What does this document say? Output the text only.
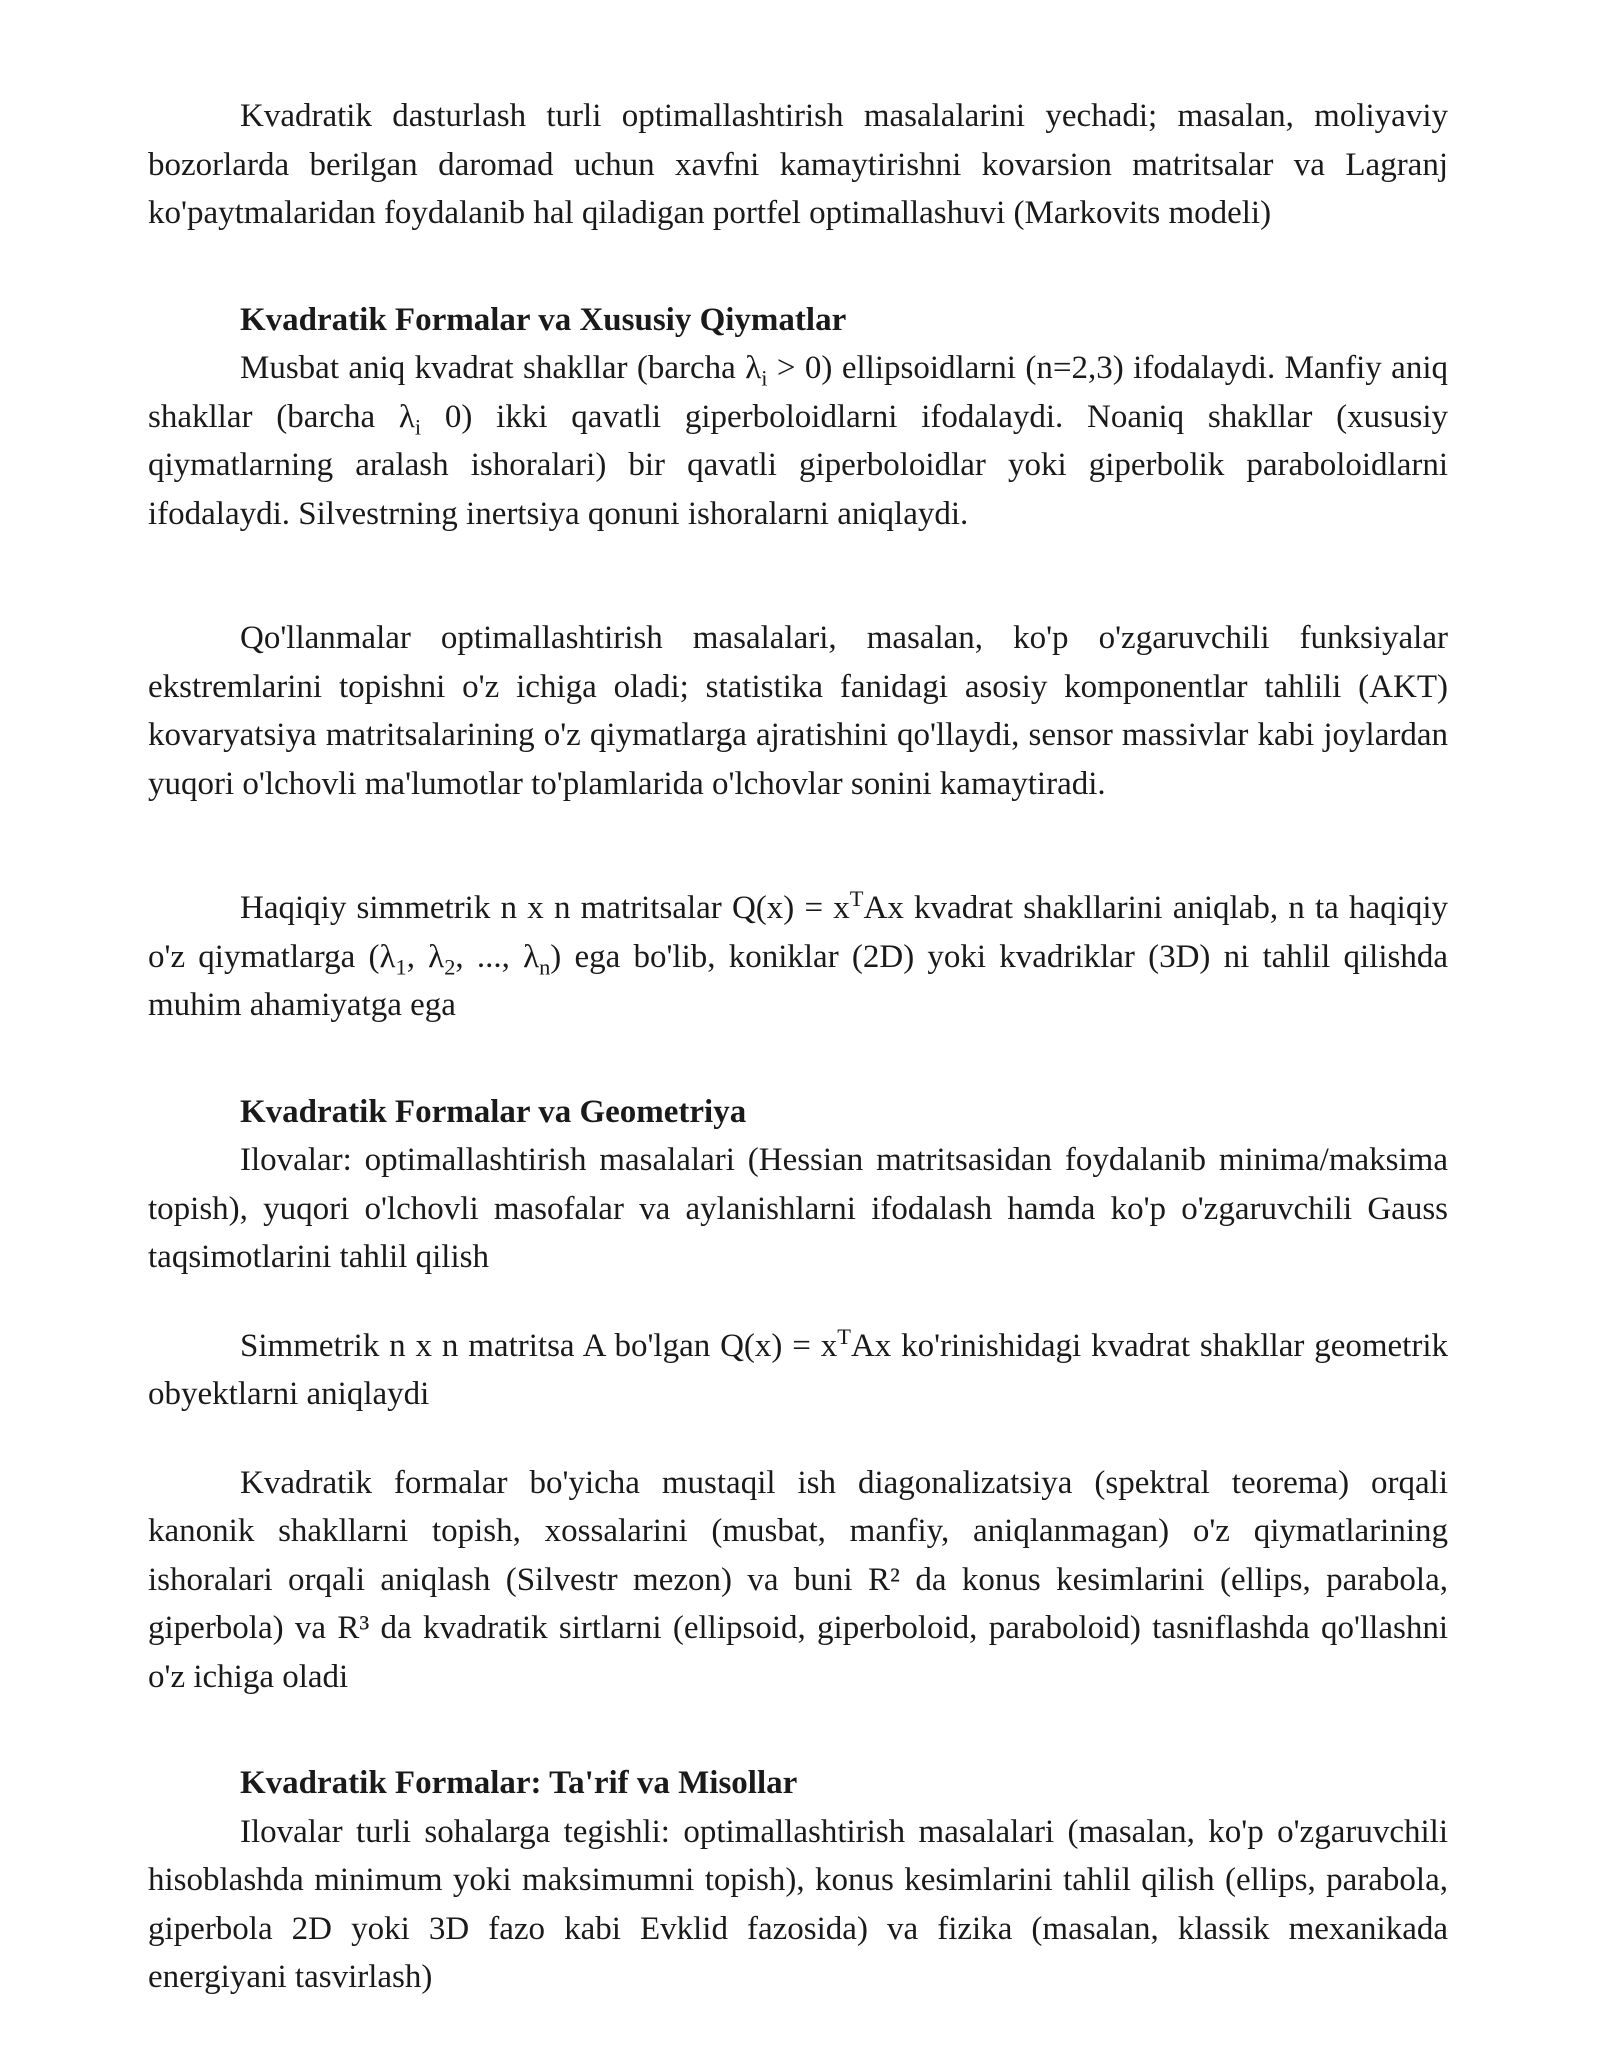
Kvadratik dasturlash turli optimallashtirish masalalarini yechadi; masalan, moliyaviy bozorlarda berilgan daromad uchun xavfni kamaytirishni kovarsion matritsalar va Lagranj ko'paytmalaridan foydalanib hal qiladigan portfel optimallashuvi (Markovits modeli)

Kvadratik Formalar va Xususiy Qiymatlar

Musbat aniq kvadrat shakllar (barcha $\lambda_i > 0$) ellipsoidlarni (n=2,3) ifodalaydi. Manfiy aniq shakllar (barcha $\lambda_i$ 0) ikki qavatli giperboloidlarni ifodalaydi. Noaniq shakllar (xususiy qiymatlarning aralash ishoralari) bir qavatli giperboloidlar yoki giperbolik paraboloidlarni ifodalaydi. Silvestrning inertsiya qonuni ishoralarni aniqlaydi.

Qo'llanmalar optimallashtirish masalalari, masalan, ko'p o'zgaruvchili funksiyalar ekstremlarini topishni o'z ichiga oladi; statistika fanidagi asosiy komponentlar tahlili (AKT) kovaryatsiya matritsalarining o'z qiymatlarga ajratishini qo'llaydi, sensor massivlar kabi joylardan yuqori o'lchovli ma'lumotlar to'plamlarida o'lchovlar sonini kamaytiradi.

Haqiqiy simmetrik n x n matritsalar $Q(x) = x^TAx$ kvadrat shakllarini aniqlab, n ta haqiqiy o'z qiymatlarga ($\lambda_1$, $\lambda_2$, ..., $\lambda_n$) ega bo'lib, koniklar (2D) yoki kvadriklar (3D) ni tahlil qilishda muhim ahamiyatga ega

Kvadratik Formalar va Geometriya

Ilovalar: optimallashtirish masalalari (Hessian matritsasidan foydalanib minima/maksima topish), yuqori o'lchovli masofalar va aylanishlarni ifodalash hamda ko'p o'zgaruvchili Gauss taqsimotlarini tahlil qilish

Simmetrik n x n matritsa A bo'lgan $Q(x) = x^TAx$ ko'rinishidagi kvadrat shakllar geometrik obyektlarni aniqlaydi

Kvadratik formalar bo'yicha mustaqil ish diagonalizatsiya (spektral teorema) orqali kanonik shakllarni topish, xossalarini (musbat, manfiy, aniqlanmagan) o'z qiymatlarining ishoralari orqali aniqlash (Silvestr mezon) va buni R² da konus kesimlarini (ellips, parabola, giperbola) va R³ da kvadratik sirtlarni (ellipsoid, giperboloid, paraboloid) tasniflashda qo'llashni o'z ichiga oladi

Kvadratik Formalar: Ta'rif va Misollar

Ilovalar turli sohalarga tegishli: optimallashtirish masalalari (masalan, ko'p o'zgaruvchili hisoblashda minimum yoki maksimumni topish), konus kesimlarini tahlil qilish (ellips, parabola, giperbola 2D yoki 3D fazo kabi Evklid fazosida) va fizika (masalan, klassik mexanikada energiyani tasvirlash)
